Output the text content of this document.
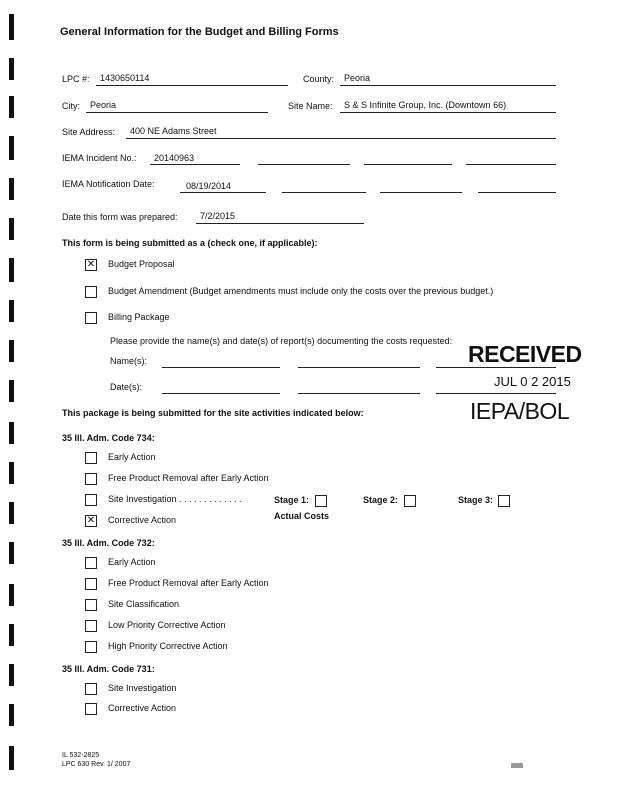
General Information for the Budget and Billing Forms
LPC #: 1430650114	County: Peoria
City: Peoria	Site Name: S & S Infinite Group, Inc. (Downtown 66)
Site Address: 400 NE Adams Street
IEMA Incident No.: 20140963
IEMA Notification Date:	08/19/2014
Date this form was prepared: 7/2/2015
This form is being submitted as a (check one, if applicable):
✕ Budget Proposal
Budget Amendment (Budget amendments must include only the costs over the previous budget.)
Billing Package
Please provide the name(s) and date(s) of report(s) documenting the costs requested:
Name(s):
Date(s):
RECEIVED
JUL 0 2 2015
IEPA/BOL
This package is being submitted for the site activities indicated below:
35 Ill. Adm. Code 734:
Early Action
Free Product Removal after Early Action
Site Investigation . . . . . . . . . . . . .	Stage 1:	Stage 2:	Stage 3:
✕ Corrective Action	Actual Costs
35 Ill. Adm. Code 732:
Early Action
Free Product Removal after Early Action
Site Classification
Low Priority Corrective Action
High Priority Corrective Action
35 Ill. Adm. Code 731:
Site Investigation
Corrective Action
IL 532-2825
LPC 630 Rev. 1/ 2007
